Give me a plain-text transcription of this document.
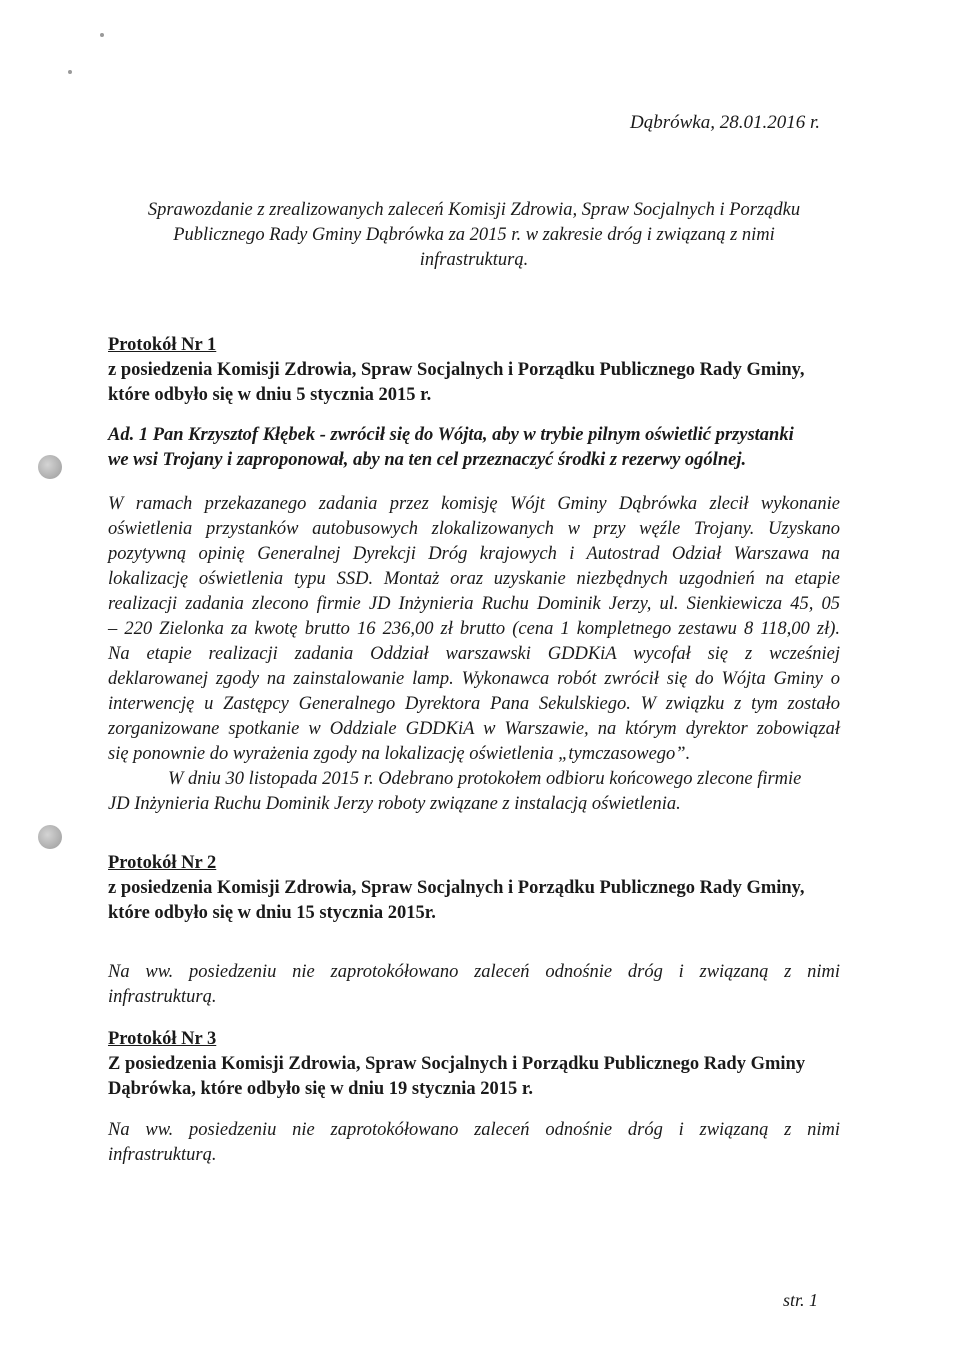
Dąbrówka, 28.01.2016 r.
Sprawozdanie z zrealizowanych zaleceń Komisji Zdrowia, Spraw Socjalnych i Porządku
Publicznego Rady Gminy Dąbrówka za 2015 r. w zakresie dróg i związaną z nimi
infrastrukturą.
Protokół Nr 1
z posiedzenia Komisji Zdrowia, Spraw Socjalnych i Porządku Publicznego Rady Gminy,
które odbyło się w dniu 5 stycznia 2015 r.
Ad. 1 Pan Krzysztof Kłębek - zwrócił się do Wójta, aby w trybie pilnym oświetlić przystanki
we wsi Trojany i zaproponował, aby na ten cel przeznaczyć środki z rezerwy ogólnej.
W ramach przekazanego zadania przez komisję Wójt Gminy Dąbrówka zlecił wykonanie
oświetlenia przystanków autobusowych zlokalizowanych w przy węźle Trojany. Uzyskano
pozytywną opinię Generalnej Dyrekcji Dróg krajowych i Autostrad Odział Warszawa na
lokalizację oświetlenia typu SSD. Montaż oraz uzyskanie niezbędnych uzgodnień na etapie
realizacji zadania zlecono firmie JD Inżynieria Ruchu Dominik Jerzy, ul. Sienkiewicza 45, 05
– 220 Zielonka za kwotę brutto 16 236,00 zł brutto (cena 1 kompletnego zestawu 8 118,00 zł).
Na etapie realizacji zadania Oddział warszawski GDDKiA wycofał się z wcześniej
deklarowanej zgody na zainstalowanie lamp. Wykonawca robót zwrócił się do Wójta Gminy o
interwencję u Zastępcy Generalnego Dyrektora Pana Sekulskiego. W związku z tym zostało
zorganizowane spotkanie w Oddziale GDDKiA w Warszawie, na którym dyrektor zobowiązał
się ponownie do wyrażenia zgody na lokalizację oświetlenia „tymczasowego”.
W dniu 30 listopada 2015 r. Odebrano protokołem odbioru końcowego zlecone firmie
JD Inżynieria Ruchu Dominik Jerzy roboty związane z instalacją oświetlenia.
Protokół Nr 2
z posiedzenia Komisji Zdrowia, Spraw Socjalnych i Porządku Publicznego Rady Gminy,
które odbyło się w dniu 15 stycznia 2015r.
Na ww. posiedzeniu nie zaprotokółowano zaleceń odnośnie dróg i związaną z nimi
infrastrukturą.
Protokół Nr 3
Z posiedzenia Komisji Zdrowia, Spraw Socjalnych i Porządku Publicznego Rady Gminy
Dąbrówka, które odbyło się w dniu 19 stycznia 2015 r.
Na ww. posiedzeniu nie zaprotokółowano zaleceń odnośnie dróg i związaną z nimi
infrastrukturą.
str. 1
